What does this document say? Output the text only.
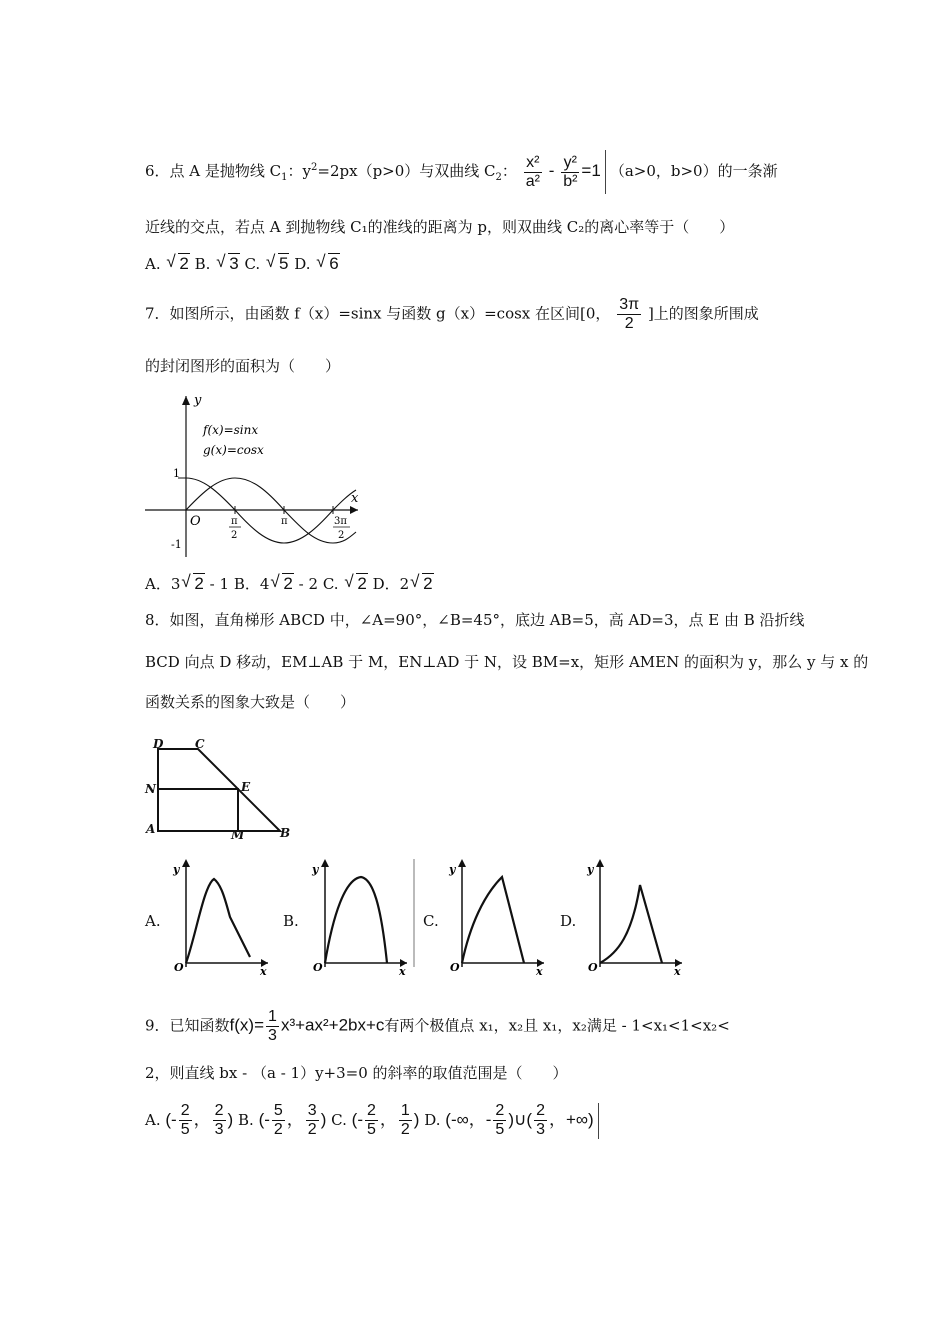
6．点 A 是抛物线 $C_1$：$y^2=2px(p>0)$与双曲线 $C_2$： $\frac{\text{x²}}{\text{a²}} - \frac{\text{y²}}{\text{b²}} =1$ （a>0，b>0）的一条渐
近线的交点，若点 A 到抛物线 C₁的准线的距离为 p，则双曲线 C₂的离心率等于（　　）
A. √ 2 B. √ 3 C. √ 5 D. √ 6
7．如图所示，由函数 f（x）=sinx 与函数 g（x）=cosx 在区间[0， $\frac{3\pi}{2}$ ]上的图象所围成
的封闭图形的面积为（　　）
y
x
O
f(x)=sinx
g(x)=cosx
1
-1
π
2
π	3π
2
A．3 √ 2 - 1 B．4 √ 2 - 2 C. √ 2 D．2 √ 2
8．如图，直角梯形 ABCD 中，∠A=90°，∠B=45°，底边 AB=5，高 AD=3，点 E 由 B 沿折线
BCD 向点 D 移动，EM⊥AB 于 M，EN⊥AD 于 N，设 BM=x，矩形 AMEN 的面积为 y，那么 y 与 x 的
函数关系的图象大致是（　　）
D	C
N	E
A	M	B
A.	B.	C.	D.
y
x
O
y
x
O
y
x
O
y
x
O
9．已知函数$f(x)= \frac{1}{3} x^3+ax^2+2bx+c$有两个极值点 x₁，x₂且 x₁，x₂满足 - 1<x₁<1<x₂<
2，则直线 bx - （a - 1）y+3=0 的斜率的取值范围是（　　）
A. (- $\frac{2}{5}$ ， $\frac{2}{3}$ ) B. (- $\frac{5}{2}$ ， $\frac{3}{2}$ ) C. (- $\frac{2}{5}$ ， $\frac{1}{2}$ ) D. (-∞，- $\frac{2}{5}$ )∪( $\frac{2}{3}$ ，+∞)
